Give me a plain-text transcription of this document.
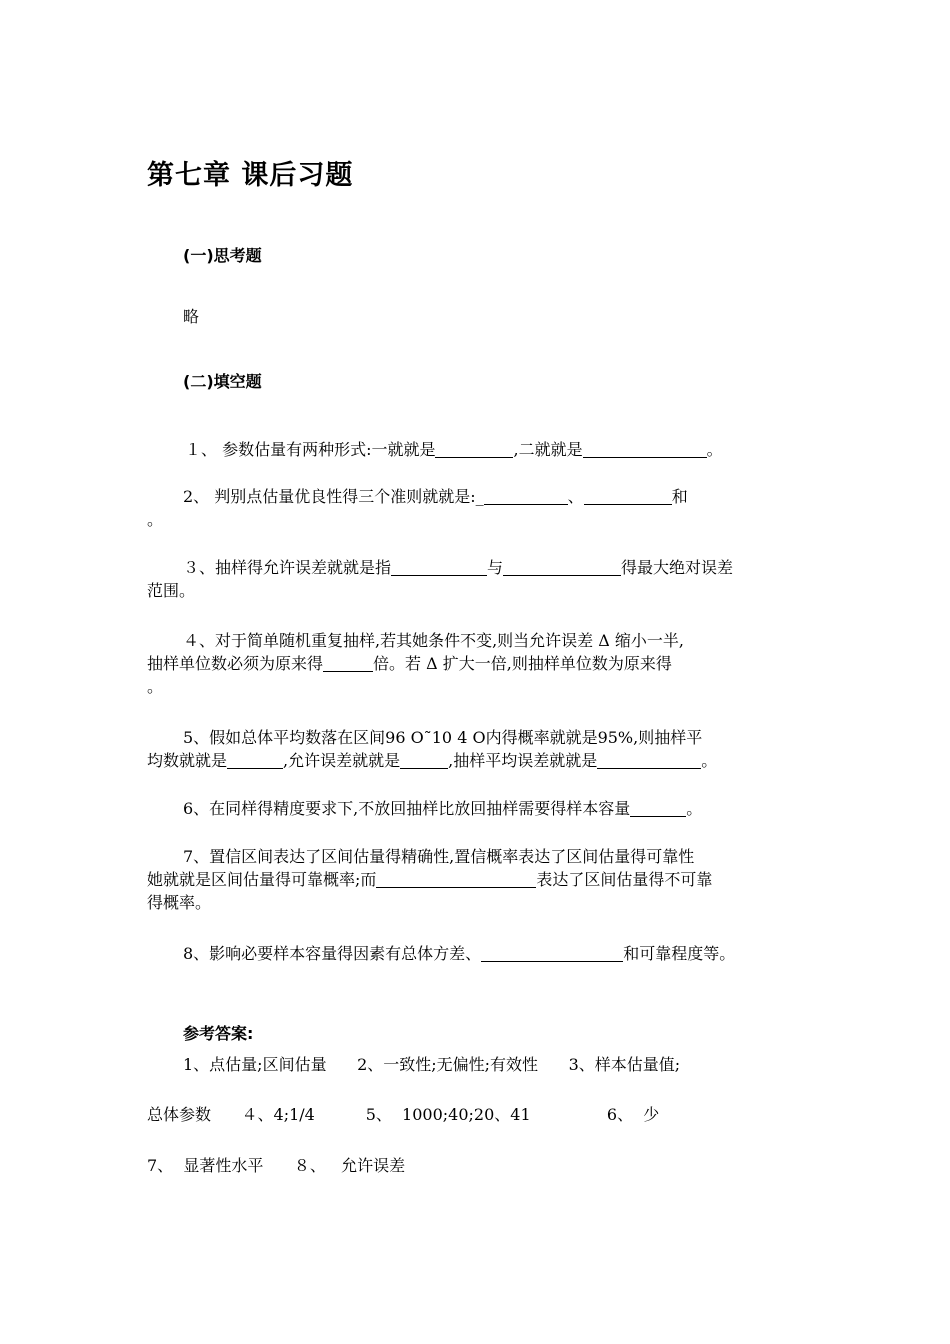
第七章 课后习题
(一)思考题
略
(二)填空题
１、 参数估量有两种形式:一就就是	,二就就是	。
2、 判别点估量优良性得三个准则就就是:_	、	和
。
３、抽样得允许误差就就是指	与	得最大绝对误差
范围。
４、对于简单随机重复抽样,若其她条件不变,则当允许误差 Δ 缩小一半,
抽样单位数必须为原来得	倍。若 Δ 扩大一倍,则抽样单位数为原来得
。
5、假如总体平均数落在区间96 O˜10 4 O内得概率就就是95%,则抽样平
均数就就是	,允许误差就就是	,抽样平均误差就就是	。
6、在同样得精度要求下,不放回抽样比放回抽样需要得样本容量	。
7、置信区间表达了区间估量得精确性,置信概率表达了区间估量得可靠性
她就就是区间估量得可靠概率;而	表达了区间估量得不可靠
得概率。
8、影响必要样本容量得因素有总体方差、	和可靠程度等。
参考答案:
1、点估量;区间估量      2、一致性;无偏性;有效性      3、样本估量值;
总体参数      ４、4;1/4          5、  1000;40;20、41               6、  少
7、  显著性水平      ８、   允许误差
